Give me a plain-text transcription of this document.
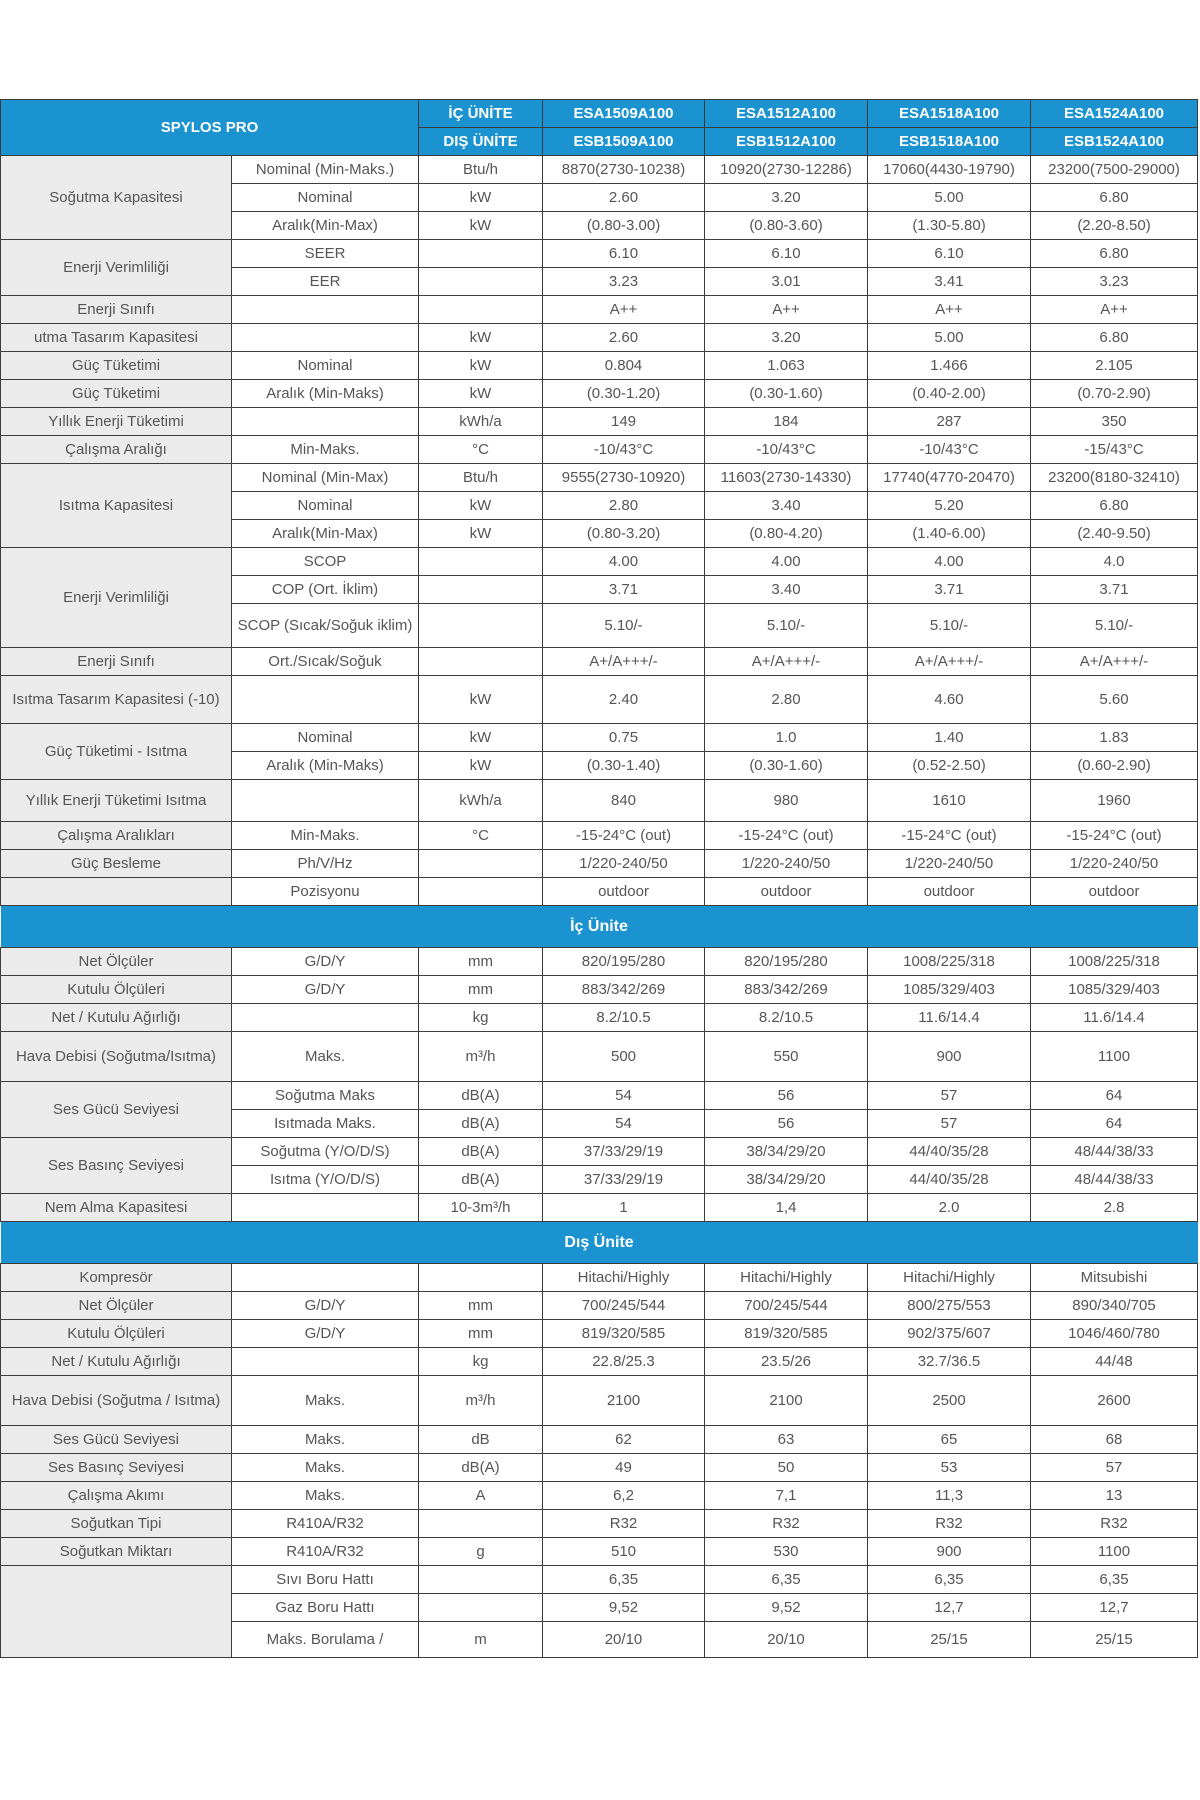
SPYLOS PRO		İÇ ÜNİTE	ESA1509A100	ESA1512A100	ESA1518A100	ESA1524A100
		DIŞ ÜNİTE	ESB1509A100	ESB1512A100	ESB1518A100	ESB1524A100
Soğutma Kapasitesi	Nominal (Min-Maks.)	Btu/h	8870(2730-10238)	10920(2730-12286)	17060(4430-19790)	23200(7500-29000)
	Nominal	kW	2.60	3.20	5.00	6.80
	Aralık(Min-Max)	kW	(0.80-3.00)	(0.80-3.60)	(1.30-5.80)	(2.20-8.50)
Enerji Verimliliği	SEER		6.10	6.10	6.10	6.80
	EER		3.23	3.01	3.41	3.23
Enerji Sınıfı			A++	A++	A++	A++
utma Tasarım Kapasitesi		kW	2.60	3.20	5.00	6.80
Güç Tüketimi	Nominal	kW	0.804	1.063	1.466	2.105
Güç Tüketimi	Aralık (Min-Maks)	kW	(0.30-1.20)	(0.30-1.60)	(0.40-2.00)	(0.70-2.90)
Yıllık Enerji Tüketimi		kWh/a	149	184	287	350
Çalışma Aralığı	Min-Maks.	°C	-10/43°C	-10/43°C	-10/43°C	-15/43°C
Isıtma Kapasitesi	Nominal (Min-Max)	Btu/h	9555(2730-10920)	11603(2730-14330)	17740(4770-20470)	23200(8180-32410)
	Nominal	kW	2.80	3.40	5.20	6.80
	Aralık(Min-Max)	kW	(0.80-3.20)	(0.80-4.20)	(1.40-6.00)	(2.40-9.50)
Enerji Verimliliği	SCOP		4.00	4.00	4.00	4.0
	COP (Ort. İklim)		3.71	3.40	3.71	3.71
	SCOP (Sıcak/Soğuk iklim)		5.10/-	5.10/-	5.10/-	5.10/-
Enerji Sınıfı	Ort./Sıcak/Soğuk		A+/A+++/-	A+/A+++/-	A+/A+++/-	A+/A+++/-
Isıtma Tasarım Kapasitesi (-10)		kW	2.40	2.80	4.60	5.60
Güç Tüketimi - Isıtma	Nominal	kW	0.75	1.0	1.40	1.83
	Aralık (Min-Maks)	kW	(0.30-1.40)	(0.30-1.60)	(0.52-2.50)	(0.60-2.90)
Yıllık Enerji Tüketimi Isıtma		kWh/a	840	980	1610	1960
Çalışma Aralıkları	Min-Maks.	°C	-15-24°C (out)	-15-24°C (out)	-15-24°C (out)	-15-24°C (out)
Güç Besleme	Ph/V/Hz		1/220-240/50	1/220-240/50	1/220-240/50	1/220-240/50
	Pozisyonu		outdoor	outdoor	outdoor	outdoor
İç Ünite						
Net Ölçüler	G/D/Y	mm	820/195/280	820/195/280	1008/225/318	1008/225/318
Kutulu Ölçüleri	G/D/Y	mm	883/342/269	883/342/269	1085/329/403	1085/329/403
Net / Kutulu Ağırlığı		kg	8.2/10.5	8.2/10.5	11.6/14.4	11.6/14.4
Hava Debisi (Soğutma/Isıtma)	Maks.	m³/h	500	550	900	1100
Ses Gücü Seviyesi	Soğutma Maks	dB(A)	54	56	57	64
	Isıtmada Maks.	dB(A)	54	56	57	64
Ses Basınç Seviyesi	Soğutma (Y/O/D/S)	dB(A)	37/33/29/19	38/34/29/20	44/40/35/28	48/44/38/33
	Isıtma (Y/O/D/S)	dB(A)	37/33/29/19	38/34/29/20	44/40/35/28	48/44/38/33
Nem Alma Kapasitesi		10-3m³/h	1	1,4	2.0	2.8
Dış Ünite						
Kompresör			Hitachi/Highly	Hitachi/Highly	Hitachi/Highly	Mitsubishi
Net Ölçüler	G/D/Y	mm	700/245/544	700/245/544	800/275/553	890/340/705
Kutulu Ölçüleri	G/D/Y	mm	819/320/585	819/320/585	902/375/607	1046/460/780
Net / Kutulu Ağırlığı		kg	22.8/25.3	23.5/26	32.7/36.5	44/48
Hava Debisi (Soğutma / Isıtma)	Maks.	m³/h	2100	2100	2500	2600
Ses Gücü Seviyesi	Maks.	dB	62	63	65	68
Ses Basınç Seviyesi	Maks.	dB(A)	49	50	53	57
Çalışma Akımı	Maks.	A	6,2	7,1	11,3	13
Soğutkan Tipi	R410A/R32		R32	R32	R32	R32
Soğutkan Miktarı	R410A/R32	g	510	530	900	1100
	Sıvı Boru Hattı		6,35	6,35	6,35	6,35
	Gaz Boru Hattı		9,52	9,52	12,7	12,7
	Maks. Borulama /	m	20/10	20/10	25/15	25/15
